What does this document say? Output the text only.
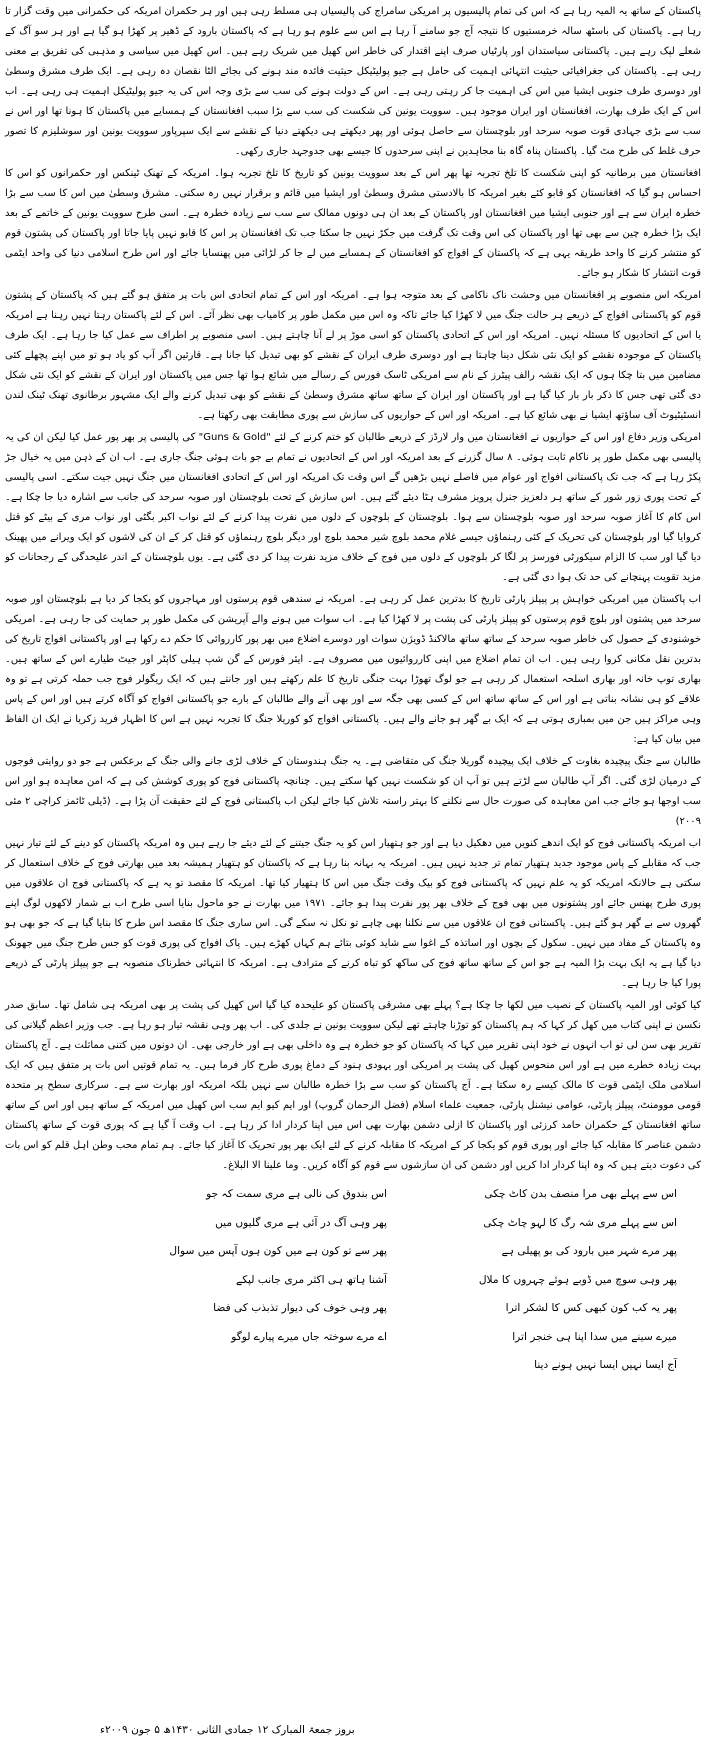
پاکستان کے ساتھ یہ المیہ رہا ہے کہ اس کی تمام پالیسیوں پر امریکی سامراج کی پالیسیاں ہی مسلط رہی ہیں اور ہر حکمران امریکہ کی حکمرانی میں وقت گزار تا رہا ہے۔ پاکستان کی باسٹھ سالہ خرمستیوں کا نتیجہ آج جو سامنے آ رہا ہے اس سے علوم ہو رہا ہے کہ پاکستان بارود کے ڈھیر پر کھڑا ہو گیا ہے اور ہر سو آگ کے شعلے لپک رہے ہیں۔ پاکستانی سیاستدان اور پارٹیاں صرف اپنے اقتدار کی خاطر اس کھیل میں شریک رہے ہیں۔ اس کھیل میں سیاسی و مذہبی کی تفریق بے معنی رہی ہے۔ پاکستان کی جغرافیائی حیثیت انتہائی اہمیت کی حامل ہے جیو پولیٹیکل حیثیت فائدہ مند ہونے کی بجائے الٹا نقصان دہ رہی ہے۔ ایک طرف مشرق وسطیٰ اور دوسری طرف جنوبی ایشیا میں اس کی اہمیت جا کر رہتی رہی ہے۔ اس کے دولت ہونے کی سب سے بڑی وجہ اس کی یہ جیو پولیٹیکل اہمیت ہی رہی ہے۔ اب اس کے ایک طرف بھارت، افغانستان اور ایران موجود ہیں۔ سوویت یونین کی شکست کی سب سے بڑا سبب افغانستان کے ہمسایے میں پاکستان کا ہونا تھا اور اس نے سب سے بڑی جہادی قوت صوبہ سرحد اور بلوچستان سے حاصل ہوئی اور پھر دیکھتے ہی دیکھتے دنیا کے نقشے سے ایک سپرپاور سوویت یونین اور سوشلیزم کا تصور حرف غلط کی طرح مٹ گیا۔ پاکستان پناہ گاہ بنا مجاہدین نے اپنی سرحدوں کا جیسے بھی جدوجہد جاری رکھی۔
افغانستان میں برطانیہ کو اپنی شکست کا تلخ تجربہ تھا پھر اس کے بعد سوویت یونین کو تاریخ کا تلخ تجربہ ہوا۔ امریکہ کے تھنک ٹینکس اور حکمرانوں کو اس کا احساس ہو گیا کہ افغانستان کو قابو کئے بغیر امریکہ کا بالادستی مشرق وسطیٰ اور ایشیا میں قائم و برقرار نہیں رہ سکتی۔ مشرق وسطیٰ میں اس کا سب سے بڑا خطرہ ایران سے ہے اور جنوبی ایشیا میں افغانستان اور پاکستان کے بعد ان ہی دونوں ممالک سے سب سے زیادہ خطرہ ہے۔ اسی طرح سوویت یونین کے خاتمے کے بعد ایک بڑا خطرہ چین سے بھی تھا اور پاکستان کی اس وقت تک گرفت میں جکڑ نہیں جا سکتا جب تک افغانستان پر اس کا قابو نہیں پایا جاتا اور پاکستان کی پشتون قوم کو منتشر کرنے کا واحد طریقہ یہی ہے کہ پاکستان کے افواج کو افغانستان کے ہمسایے میں لے جا کر لڑائی میں پھنسایا جائے اور اس طرح اسلامی دنیا کی واحد ایٹمی قوت انتشار کا شکار ہو جائے۔
امریکہ اس منصوبے پر افغانستان میں وحشت ناک ناکامی کے بعد متوجہ ہوا ہے۔ امریکہ اور اس کے تمام اتحادی اس بات پر متفق ہو گئے ہیں کہ پاکستان کے پشتون قوم کو پاکستانی افواج کے ذریعے ہر حالت جنگ میں لا کھڑا کیا جائے تاکہ وہ اس میں مکمل طور پر کامیاب بھی نظر آئے۔ اس کے لئے پاکستان رہتا نہیں رہنا ہے امریکہ یا اس کے اتحادیوں کا مسئلہ نہیں۔ امریکہ اور اس کے اتحادی پاکستان کو اسی موڑ پر لے آنا چاہتے ہیں۔ اسی منصوبے پر اطراف سے عمل کیا جا رہا ہے۔ ایک طرف پاکستان کے موجودہ نقشے کو ایک نئی شکل دینا چاہتا ہے اور دوسری طرف ایران کے نقشے کو بھی تبدیل کیا جانا ہے۔ قارئین اگر آپ کو یاد ہو تو میں اپنے پچھلے کئی مضامین میں بتا چکا ہوں کہ ایک نقشہ رالف پیٹرز کے نام سے امریکی ٹاسک فورس کے رسالے میں شائع ہوا تھا جس میں پاکستان اور ایران کے نقشے کو ایک نئی شکل دی گئی تھی جس کا ذکر بار بار کیا گیا ہے اور پاکستان اور ایران کے ساتھ ساتھ مشرق وسطیٰ کے نقشے کو بھی تبدیل کرنے والے ایک مشہور برطانوی تھنک ٹینک لندن انسٹیٹیوٹ آف ساؤتھ ایشیا نے بھی شائع کیا ہے۔ امریکہ اور اس کے حواریوں کی سازش سے پوری مطابقت بھی رکھتا ہے۔
امریکی وزیر دفاع اور اس کے حواریوں نے افغانستان میں وار لارڈز کے ذریعے طالبان کو ختم کرنے کے لئے "Guns & Gold" کی پالیسی پر بھر پور عمل کیا لیکن ان کی یہ پالیسی بھی مکمل طور پر ناکام ثابت ہوئی۔ ۸ سال گزرنے کے بعد امریکہ اور اس کے اتحادیوں نے تمام بے جو بات ہوئی جنگ جاری ہے۔ اب ان کے ذہن میں یہ خیال جڑ پکڑ رہا ہے کہ جب تک پاکستانی افواج اور عوام میں فاصلے نہیں بڑھیں گے اس وقت تک امریکہ اور اس کے اتحادی افغانستان میں جنگ نہیں جیت سکتے۔ اسی پالیسی کے تحت پوری زور شور کے ساتھ ہر دلعزیز جنرل پرویز مشرف ہٹا دیئے گئے ہیں۔ اس سازش کے تحت بلوچستان اور صوبہ سرحد کی جانب سے اشارہ دیا جا چکا ہے۔ اس کام کا آغاز صوبہ سرحد اور صوبہ بلوچستان سے ہوا۔ بلوچستان کے بلوچوں کے دلوں میں نفرت پیدا کرنے کے لئے نواب اکبر بگٹی اور نواب مری کے بیٹے کو قتل کروایا گیا اور بلوچستان کی تحریک کے کئی رہنماؤں جیسے غلام محمد بلوچ شیر محمد بلوچ اور دیگر بلوچ رہنماؤں کو قتل کر کے ان کی لاشوں کو ایک ویرانے میں پھینک دیا گیا اور سب کا الزام سیکورٹی فورسز پر لگا کر بلوچوں کے دلوں میں فوج کے خلاف مزید نفرت پیدا کر دی گئی ہے۔ یوں بلوچستان کے اندر علیحدگی کے رجحانات کو مزید تقویت پہنچانے کی حد تک ہوا دی گئی ہے۔
اب پاکستان میں امریکی خواہش پر پیپلز پارٹی تاریخ کا بدترین عمل کر رہی ہے۔ امریکہ نے سندھی قوم پرستوں اور مہاجروں کو یکجا کر دیا ہے بلوچستان اور صوبہ سرحد میں پشتون اور بلوچ قوم پرستوں کو پیپلز پارٹی کی پشت پر لا کھڑا کیا ہے۔ اب سوات میں ہونے والے آپریشن کی مکمل طور پر حمایت کی جا رہی ہے۔ امریکی خوشنودی کے حصول کی خاطر صوبہ سرحد کے ساتھ ساتھ مالاکنڈ ڈویژن سوات اور دوسرے اضلاع میں بھر پور کارروائی کا حکم دے رکھا ہے اور پاکستانی افواج تاریخ کی بدترین نقل مکانی کروا رہی ہیں۔ اب ان تمام اضلاع میں اپنی کارروائیوں میں مصروف ہے۔ ایئر فورس کے گن شپ ہیلی کاپٹر اور جیٹ طیارے اس کے ساتھ ہیں۔ بھاری توپ خانہ اور بھاری اسلحہ استعمال کر رہی ہے جو لوگ تھوڑا بہت جنگی تاریخ کا علم رکھتے ہیں اور جانتے ہیں کہ ایک ریگولر فوج جب حملہ کرتی ہے تو وہ علاقے کو ہی نشانہ بناتی ہے اور اس کے ساتھ ساتھ اس کے کسی بھی جگہ سے اور بھی آنے والے طالبان کے بارے جو پاکستانی افواج کو آگاہ کرتے ہیں اور اس کے پاس وہی مراکز ہیں جن میں بمباری ہوتی ہے کہ ایک بے گھر ہو جانے والے ہیں۔ پاکستانی افواج کو کوریلا جنگ کا تجربہ نہیں ہے اس کا اظہار فرید زکریا نے ایک ان الفاظ میں بیان کیا ہے:
طالبان سے جنگ پیچیدہ بغاوت کے خلاف ایک پیچیدہ گوریلا جنگ کی متقاضی ہے۔ یہ جنگ ہندوستان کے خلاف لڑی جانے والی جنگ کے برعکس ہے جو دو روایتی فوجوں کے درمیان لڑی گئی۔ اگر آپ طالبان سے لڑتے ہیں تو آپ ان کو شکست نہیں کھا سکتے ہیں۔ چنانچہ پاکستانی فوج کو پوری کوشش کی ہے کہ امن معاہدہ ہو اور اس سب اوجھا ہو جائے جب امن معاہدہ کی صورت حال سے نکلنے کا بہتر راستہ تلاش کیا جائے لیکن اب پاکستانی فوج کے لئے حقیقت آن پڑا ہے۔ (ڈیلی ٹائمز کراچی ۲ مئی ۲۰۰۹)
اب امریکہ پاکستانی فوج کو ایک اندھے کنویں میں دھکیل دیا ہے اور جو ہتھیار اس کو یہ جنگ جیتنے کے لئے دیئے جا رہے ہیں وہ امریکہ پاکستان کو دینے کے لئے تیار نہیں جب کہ مقابلے کے پاس موجود جدید ہتھیار تمام تر جدید نہیں ہیں۔ امریکہ یہ بہانہ بنا رہا ہے کہ پاکستان کو ہتھیار ہمیشہ بعد میں بھارتی فوج کے خلاف استعمال کر سکتی ہے حالانکہ امریکہ کو یہ علم نہیں کہ پاکستانی فوج کو بیک وقت جنگ میں اس کا ہتھیار کیا تھا۔ امریکہ کا مقصد تو یہ ہے کہ پاکستانی فوج ان علاقوں میں پوری طرح پھنس جائے اور پشتونوں میں بھی فوج کے خلاف بھر پور نفرت پیدا ہو جائے۔ ۱۹۷۱ میں بھارت نے جو ماحول بنایا اسی طرح اب بے شمار لاکھوں لوگ اپنے گھروں سے بے گھر ہو گئے ہیں۔ پاکستانی فوج ان علاقوں میں سے نکلنا بھی چاہے تو نکل نہ سکے گی۔ اس ساری جنگ کا مقصد اس طرح کا بنایا گیا ہے کہ جو بھی ہو وہ پاکستان کے مفاد میں نہیں۔ سکول کے بچوں اور اساتذہ کے اغوا سے شاید کوئی بتائے ہم کہاں کھڑے ہیں۔ پاک افواج کی پوری قوت کو جس طرح جنگ میں جھونک دیا گیا ہے یہ ایک بہت بڑا المیہ ہے جو اس کے ساتھ ساتھ فوج کی ساکھ کو تباہ کرنے کے مترادف ہے۔ امریکہ کا انتہائی خطرناک منصوبہ ہے جو پیپلز پارٹی کے ذریعے پورا کیا جا رہا ہے۔
کیا کوئی اور المیہ پاکستان کے نصیب میں لکھا جا چکا ہے؟ پہلے بھی مشرقی پاکستان کو علیحدہ کیا گیا اس کھیل کی پشت پر بھی امریکہ ہی شامل تھا۔ سابق صدر نکسن نے اپنی کتاب میں کھل کر کہا کہ ہم پاکستان کو توڑنا چاہتے تھے لیکن سوویت یونین نے جلدی کی۔ اب پھر وہی نقشہ تیار ہو رہا ہے۔ جب وزیر اعظم گیلانی کی تقریر بھی سن لی تو اب انہوں نے خود اپنی تقریر میں کہا کہ پاکستان کو جو خطرہ ہے وہ داخلی بھی ہے اور خارجی بھی۔ ان دونوں میں کتنی مماثلت ہے۔ آج پاکستان بہت زیادہ خطرے میں ہے اور اس منحوس کھیل کی پشت پر امریکی اور یہودی ہنود کے دماغ پوری طرح کار فرما ہیں۔ یہ تمام قوتیں اس بات پر متفق ہیں کہ ایک اسلامی ملک ایٹمی قوت کا مالک کیسے رہ سکتا ہے۔ آج پاکستان کو سب سے بڑا خطرہ طالبان سے نہیں بلکہ امریکہ اور بھارت سے ہے۔ سرکاری سطح پر متحدہ قومی موومنٹ، پیپلز پارٹی، عوامی نیشنل پارٹی، جمعیت علماء اسلام (فضل الرحمان گروپ) اور ایم کیو ایم سب اس کھیل میں امریکہ کے ساتھ ہیں اور اس کے ساتھ ساتھ افغانستان کے حکمران حامد کرزئی اور پاکستان کا ازلی دشمن بھارت بھی اس میں اپنا کردار ادا کر رہا ہے۔ اب وقت آ گیا ہے کہ پوری قوت کے ساتھ پاکستان دشمن عناصر کا مقابلہ کیا جائے اور پوری قوم کو یکجا کر کے امریکہ کا مقابلہ کرنے کے لئے ایک بھر پور تحریک کا آغاز کیا جائے۔ ہم تمام محب وطن اہل قلم کو اس بات کی دعوت دیتے ہیں کہ وہ اپنا کردار ادا کریں اور دشمن کی ان سازشوں سے قوم کو آگاہ کریں۔ وما علینا الا البلاغ۔
اس سے پہلے بھی مرا منصف بدن کاٹ چکی
اس بندوق کی نالی ہے مری سمت کہ جو
اس سے پہلے مری شہ رگ کا لہو چاٹ چکی
پھر وہی آگ در آئی ہے مری گلیوں میں
پھر مرے شہر میں بارود کی بو پھیلی ہے
پھر سے تو کون ہے میں کون ہوں آپس میں سوال
پھر وہی سوچ میں ڈوبے ہوئے چہروں کا ملال
آشنا ہاتھ ہی اکثر مری جانب لپکے
پھر یہ کب کون کبھی کس کا لشکر اترا
پھر وہی خوف کی دیوار تذبذب کی فضا
میرے سینے میں سدا اپنا ہی خنجر اترا
اے مرے سوختہ جاں میرے پیارے لوگو
آج ایسا نہیں ایسا نہیں ہونے دینا
بروز جمعۃ المبارک ۱۲ جمادی الثانی ۱۴۳۰ھ ۵ جون ۲۰۰۹ء
